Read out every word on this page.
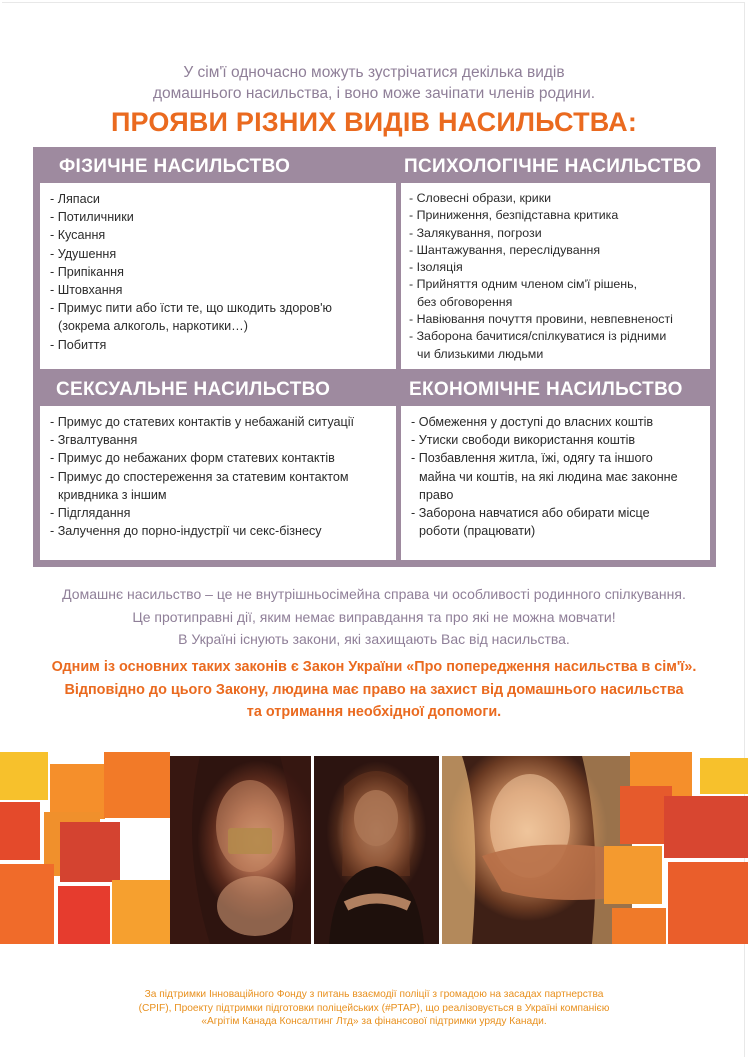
У сім'ї одночасно можуть зустрічатися декілька видів
домашнього насильства, і воно може зачіпати членів родини.
ПРОЯВИ РІЗНИХ ВИДІВ НАСИЛЬСТВА:
ФІЗИЧНЕ НАСИЛЬСТВО
- Ляпаси
- Потиличники
- Кусання
- Удушення
- Припікання
- Штовхання
- Примус пити або їсти те, що шкодить здоров'ю
(зокрема алкоголь, наркотики…)
- Побиття
ПСИХОЛОГІЧНЕ НАСИЛЬСТВО
- Словесні образи, крики
- Приниження, безпідставна критика
- Залякування, погрози
- Шантажування, переслідування
- Ізоляція
- Прийняття одним членом сім'ї рішень,
без обговорення
- Навіювання почуття провини, невпевненості
- Заборона бачитися/спілкуватися із рідними
чи близькими людьми
СЕКСУАЛЬНЕ НАСИЛЬСТВО
- Примус до статевих контактів у небажаній ситуації
- Згвалтування
- Примус до небажаних форм статевих контактів
- Примус до спостереження за статевим контактом
кривдника з іншим
- Підглядання
- Залучення до порно-індустрії чи секс-бізнесу
ЕКОНОМІЧНЕ НАСИЛЬСТВО
- Обмеження у доступі до власних коштів
- Утиски свободи використання коштів
- Позбавлення житла, їжі, одягу та іншого
майна чи коштів, на які людина має законне
право
- Заборона навчатися або обирати місце
роботи (працювати)
Домашнє насильство – це не внутрішньосімейна справа чи особливості родинного спілкування.
Це протиправні дії, яким немає виправдання та про які не можна мовчати!
В Україні існують закони, які захищають Вас від насильства.
Одним із основних таких законів є Закон України «Про попередження насильства в сім'ї».
Відповідно до цього Закону, людина має право на захист від домашнього насильства
та отримання необхідної допомоги.
За підтримки Інноваційного Фонду з питань взаємодії поліції з громадою на засадах партнерства
(CPIF), Проекту підтримки підготовки поліцейських (#PTAP), що реалізовується в Україні компанією
«Агрітім Канада Консалтинг Лтд» за фінансової підтримки уряду Канади.
